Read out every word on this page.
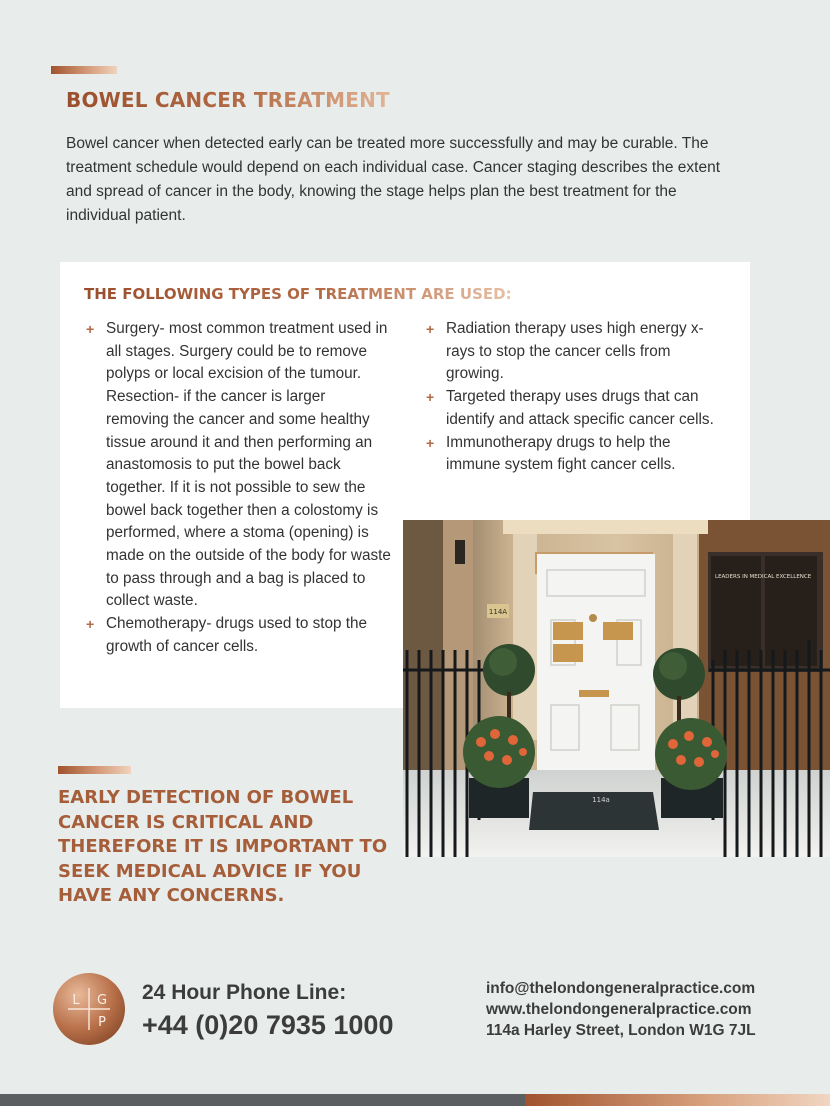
BOWEL CANCER TREATMENT

Bowel cancer when detected early can be treated more successfully and may be curable. The treatment schedule would depend on each individual case. Cancer staging describes the extent and spread of cancer in the body, knowing the stage helps plan the best treatment for the individual patient.

THE FOLLOWING TYPES OF TREATMENT ARE USED:
+ Surgery- most common treatment used in all stages. Surgery could be to remove polyps or local excision of the tumour. Resection- if the cancer is larger removing the cancer and some healthy tissue around it and then performing an anastomosis to put the bowel back together. If it is not possible to sew the bowel back together then a colostomy is performed, where a stoma (opening) is made on the outside of the body for waste to pass through and a bag is placed to collect waste.
+ Chemotherapy- drugs used to stop the growth of cancer cells.
+ Radiation therapy uses high energy x-rays to stop the cancer cells from growing.
+ Targeted therapy uses drugs that can identify and attack specific cancer cells.
+ Immunotherapy drugs to help the immune system fight cancer cells.
114A
LEADERS IN MEDICAL EXCELLENCE
114a

EARLY DETECTION OF BOWEL CANCER IS CRITICAL AND THEREFORE IT IS IMPORTANT TO SEEK MEDICAL ADVICE IF YOU HAVE ANY CONCERNS.

L G
P
24 Hour Phone Line:
+44 (0)20 7935 1000
info@thelondongeneralpractice.com
www.thelondongeneralpractice.com
114a Harley Street, London W1G 7JL
